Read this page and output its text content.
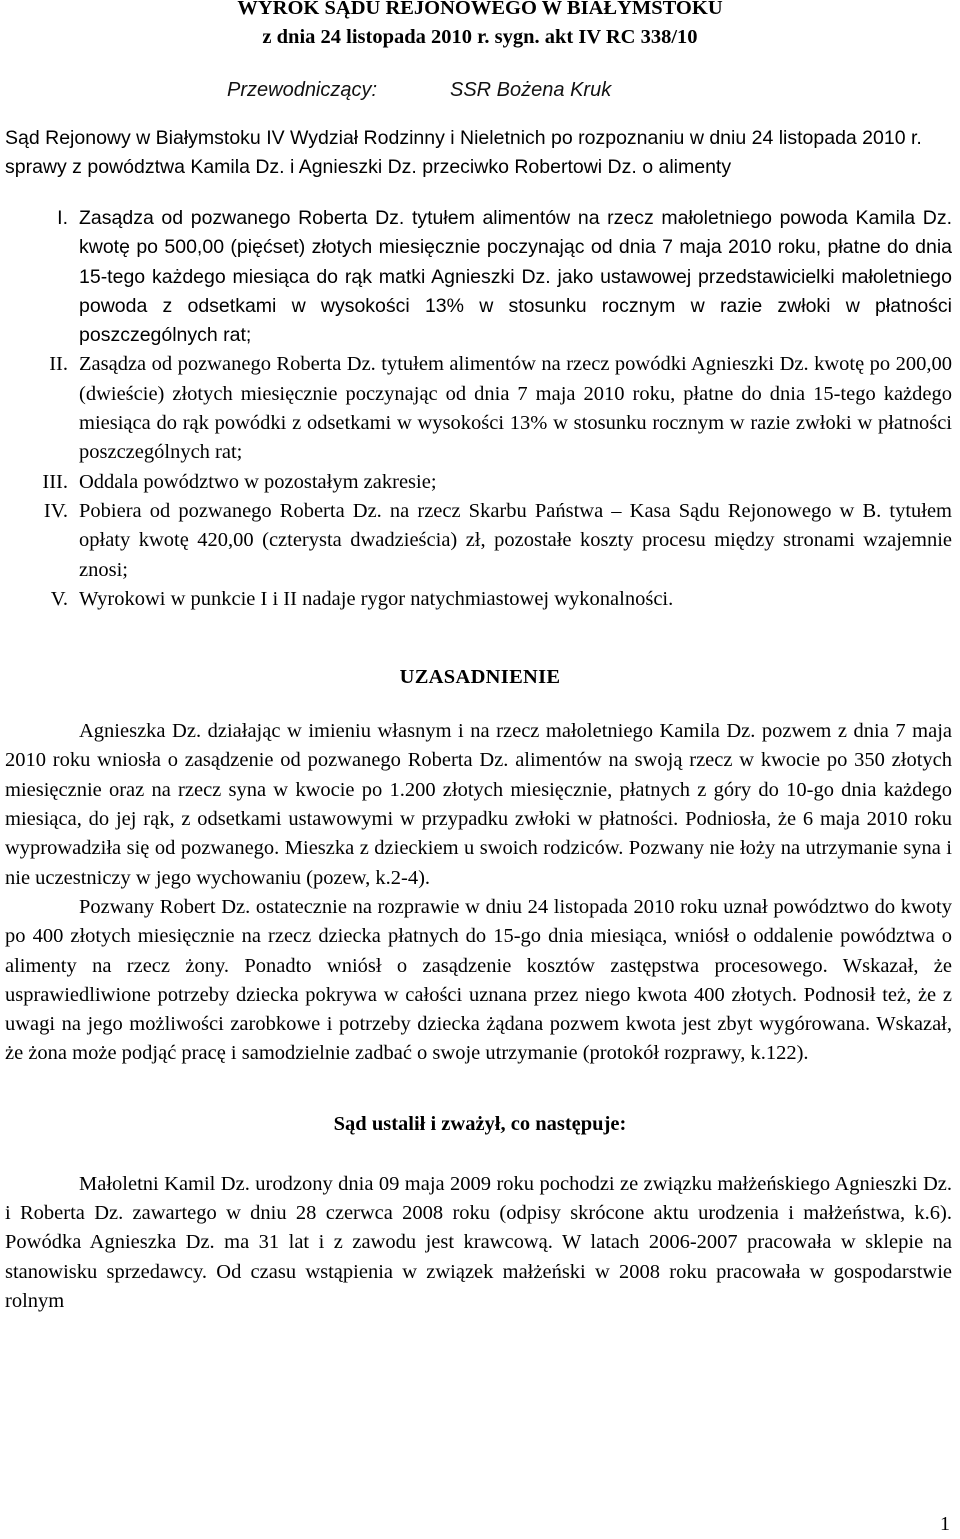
WYROK SĄDU REJONOWEGO W BIAŁYMSTOKU
z dnia 24 listopada 2010 r. sygn. akt IV RC 338/10
Przewodniczący:	SSR Bożena Kruk

Sąd Rejonowy w Białymstoku IV Wydział Rodzinny i Nieletnich po rozpoznaniu w dniu 24 listopada 2010 r. sprawy z powództwa Kamila Dz. i Agnieszki Dz. przeciwko Robertowi Dz. o alimenty

I. Zasądza od pozwanego Roberta Dz. tytułem alimentów na rzecz małoletniego powoda Kamila Dz. kwotę po 500,00 (pięćset) złotych miesięcznie poczynając od dnia 7 maja 2010 roku, płatne do dnia 15-tego każdego miesiąca do rąk matki Agnieszki Dz. jako ustawowej przedstawicielki małoletniego powoda z odsetkami w wysokości 13% w stosunku rocznym w razie zwłoki w płatności poszczególnych rat;
II. Zasądza od pozwanego Roberta Dz. tytułem alimentów na rzecz powódki Agnieszki Dz. kwotę po 200,00 (dwieście) złotych miesięcznie poczynając od dnia 7 maja 2010 roku, płatne do dnia 15-tego każdego miesiąca do rąk powódki z odsetkami w wysokości 13% w stosunku rocznym w razie zwłoki w płatności poszczególnych rat;
III. Oddala powództwo w pozostałym zakresie;
IV. Pobiera od pozwanego Roberta Dz. na rzecz Skarbu Państwa – Kasa Sądu Rejonowego w B. tytułem opłaty kwotę 420,00 (czterysta dwadzieścia) zł, pozostałe koszty procesu między stronami wzajemnie znosi;
V. Wyrokowi w punkcie I i II nadaje rygor natychmiastowej wykonalności.
UZASADNIENIE

Agnieszka Dz. działając w imieniu własnym i na rzecz małoletniego Kamila Dz. pozwem z dnia 7 maja 2010 roku wniosła o zasądzenie od pozwanego Roberta Dz. alimentów na swoją rzecz w kwocie po 350 złotych miesięcznie oraz na rzecz syna w kwocie po 1.200 złotych miesięcznie, płatnych z góry do 10-go dnia każdego miesiąca, do jej rąk, z odsetkami ustawowymi w przypadku zwłoki w płatności. Podniosła, że 6 maja 2010 roku wyprowadziła się od pozwanego. Mieszka z dzieckiem u swoich rodziców. Pozwany nie łoży na utrzymanie syna i nie uczestniczy w jego wychowaniu (pozew, k.2-4).

Pozwany Robert Dz. ostatecznie na rozprawie w dniu 24 listopada 2010 roku uznał powództwo do kwoty po 400 złotych miesięcznie na rzecz dziecka płatnych do 15-go dnia miesiąca, wniósł o oddalenie powództwa o alimenty na rzecz żony. Ponadto wniósł o zasądzenie kosztów zastępstwa procesowego. Wskazał, że usprawiedliwione potrzeby dziecka pokrywa w całości uznana przez niego kwota 400 złotych. Podnosił też, że z uwagi na jego możliwości zarobkowe i potrzeby dziecka żądana pozwem kwota jest zbyt wygórowana. Wskazał, że żona może podjąć pracę i samodzielnie zadbać o swoje utrzymanie (protokół rozprawy, k.122).

Sąd ustalił i zważył, co następuje:

Małoletni Kamil Dz. urodzony dnia 09 maja 2009 roku pochodzi ze związku małżeńskiego Agnieszki Dz. i Roberta Dz. zawartego w dniu 28 czerwca 2008 roku (odpisy skrócone aktu urodzenia i małżeństwa, k.6). Powódka Agnieszka Dz. ma 31 lat i z zawodu jest krawcową. W latach 2006-2007 pracowała w sklepie na stanowisku sprzedawcy. Od czasu wstąpienia w związek małżeński w 2008 roku pracowała w gospodarstwie rolnym

1
